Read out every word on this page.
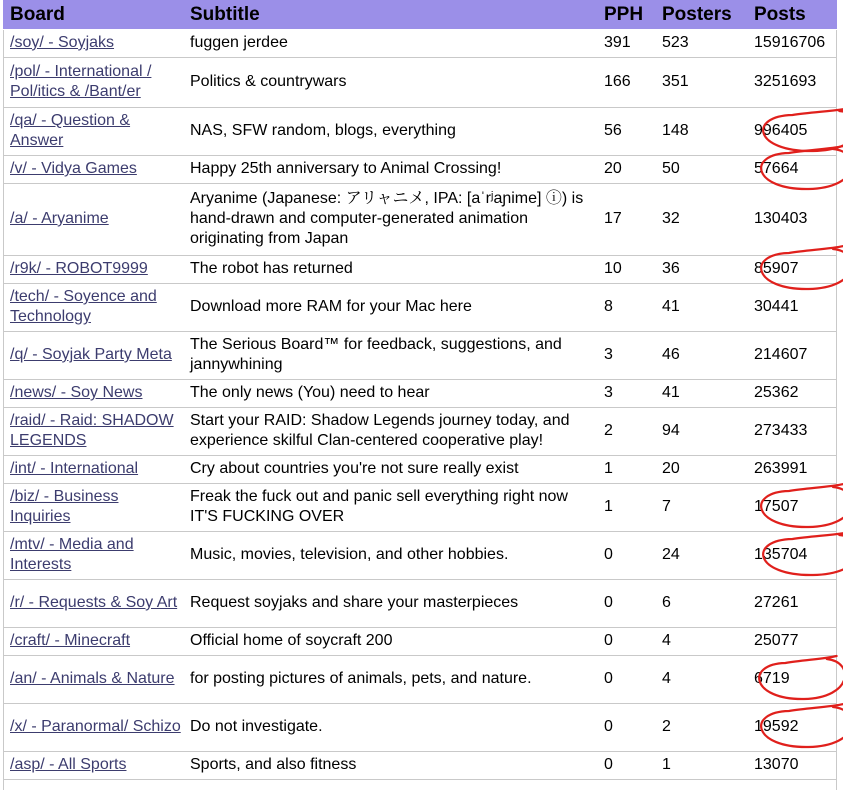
Board	Subtitle	PPH	Posters	Posts
/soy/ - Soyjaks	fuggen jerdee	391	523	15916706
/pol/ - International / Pol/itics & /Bant/er	Politics & countrywars	166	351	3251693
/qa/ - Question & Answer	NAS, SFW random, blogs, everything	56	148	996405
/v/ - Vidya Games	Happy 25th anniversary to Animal Crossing!	20	50	57664
/a/ - Aryanime	Aryanime (Japanese: アリャニメ, IPA: [aˈrʲaɲime] ⓘ) is hand-drawn and computer-generated animation originating from Japan	17	32	130403
/r9k/ - ROBOT9999	The robot has returned	10	36	85907
/tech/ - Soyence and Technology	Download more RAM for your Mac here	8	41	30441
/q/ - Soyjak Party Meta	The Serious Board™ for feedback, suggestions, and jannywhining	3	46	214607
/news/ - Soy News	The only news (You) need to hear	3	41	25362
/raid/ - Raid: SHADOW LEGENDS	Start your RAID: Shadow Legends journey today, and experience skilful Clan-centered cooperative play!	2	94	273433
/int/ - International	Cry about countries you're not sure really exist	1	20	263991
/biz/ - Business Inquiries	Freak the fuck out and panic sell everything right now IT'S FUCKING OVER	1	7	17507
/mtv/ - Media and Interests	Music, movies, television, and other hobbies.	0	24	135704
/r/ - Requests & Soy Art	Request soyjaks and share your masterpieces	0	6	27261
/craft/ - Minecraft	Official home of soycraft 200	0	4	25077
/an/ - Animals & Nature	for posting pictures of animals, pets, and nature.	0	4	6719
/x/ - Paranormal/ Schizo	Do not investigate.	0	2	19592
/asp/ - All Sports	Sports, and also fitness	0	1	13070
